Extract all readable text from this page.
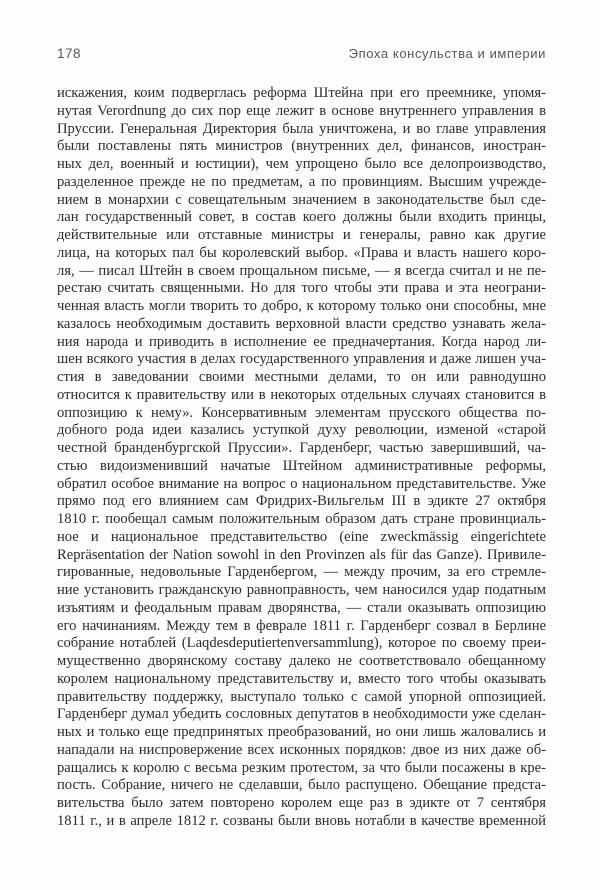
178	Эпоха консульства и империи
искажения, коим подверглась реформа Штейна при его преемнике, упомя-
нутая Verordnung до сих пор еще лежит в основе внутреннего управления в
Пруссии. Генеральная Директория была уничтожена, и во главе управления
были поставлены пять министров (внутренних дел, финансов, иностран-
ных дел, военный и юстиции), чем упрощено было все делопроизводство,
разделенное прежде не по предметам, а по провинциям. Высшим учрежде-
нием в монархии с совещательным значением в законодательстве был сде-
лан государственный совет, в состав коего должны были входить принцы,
действительные или отставные министры и генералы, равно как другие
лица, на которых пал бы королевский выбор. «Права и власть нашего коро-
ля, — писал Штейн в своем прощальном письме, — я всегда считал и не пе-
рестаю считать священными. Но для того чтобы эти права и эта неограни-
ченная власть могли творить то добро, к которому только они способны, мне
казалось необходимым доставить верховной власти средство узнавать жела-
ния народа и приводить в исполнение ее предначертания. Когда народ ли-
шен всякого участия в делах государственного управления и даже лишен уча-
стия в заведовании своими местными делами, то он или равнодушно
относится к правительству или в некоторых отдельных случаях становится в
оппозицию к нему». Консервативным элементам прусского общества по-
добного рода идеи казались уступкой духу революции, изменой «старой
честной бранденбургской Пруссии». Гарденберг, частью завершивший, ча-
стью видоизменивший начатые Штейном административные реформы,
обратил особое внимание на вопрос о национальном представительстве. Уже
прямо под его влиянием сам Фридрих-Вильгельм III в эдикте 27 октября
1810 г. пообещал самым положительным образом дать стране провинциаль-
ное и национальное представительство (eine zweckmässig eingerichtete
Repräsentation der Nation sowohl in den Provinzen als für das Ganze). Привиле-
гированные, недовольные Гарденбергом, — между прочим, за его стремле-
ние установить гражданскую равноправность, чем наносился удар податным
изъятиям и феодальным правам дворянства, — стали оказывать оппозицию
его начинаниям. Между тем в феврале 1811 г. Гарденберг созвал в Берлине
собрание нотаблей (Laqdesdeputiertenversammlung), которое по своему преи-
мущественно дворянскому составу далеко не соответствовало обещанному
королем национальному представительству и, вместо того чтобы оказывать
правительству поддержку, выступало только с самой упорной оппозицией.
Гарденберг думал убедить сословных депутатов в необходимости уже сделан-
ных и только еще предпринятых преобразований, но они лишь жаловались и
нападали на ниспровержение всех исконных порядков: двое из них даже об-
ращались к королю с весьма резким протестом, за что были посажены в кре-
пость. Собрание, ничего не сделавши, было распущено. Обещание предста-
вительства было затем повторено королем еще раз в эдикте от 7 сентября
1811 г., и в апреле 1812 г. созваны были вновь нотабли в качестве временной
